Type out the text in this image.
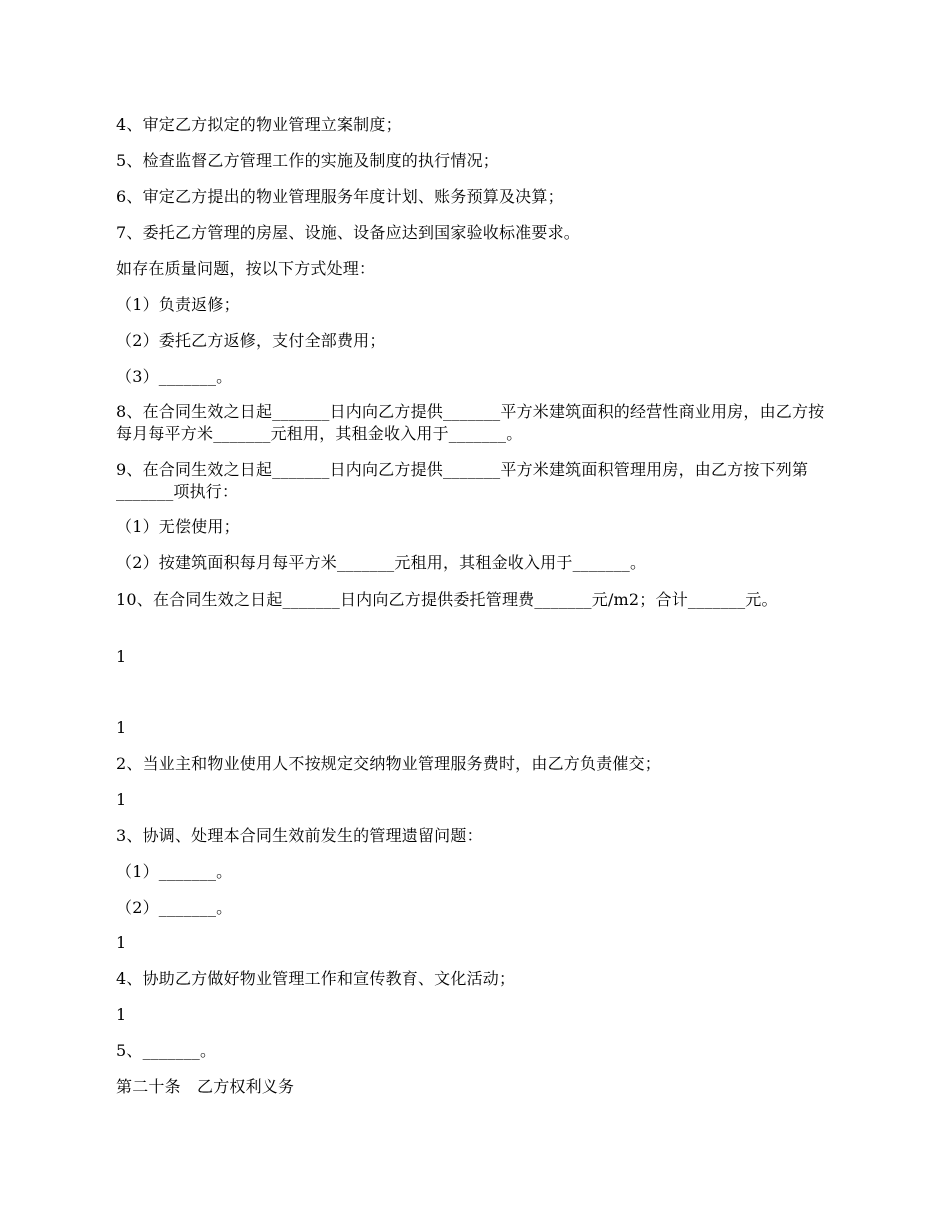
4、审定乙方拟定的物业管理立案制度；
5、检查监督乙方管理工作的实施及制度的执行情况；
6、审定乙方提出的物业管理服务年度计划、账务预算及决算；
7、委托乙方管理的房屋、设施、设备应达到国家验收标准要求。
如存在质量问题，按以下方式处理：
（1）负责返修；
（2）委托乙方返修，支付全部费用；
（3）_______。
8、在合同生效之日起_______日内向乙方提供_______平方米建筑面积的经营性商业用房，由乙方按每月每平方米_______元租用，其租金收入用于_______。
9、在合同生效之日起_______日内向乙方提供_______平方米建筑面积管理用房，由乙方按下列第_______项执行：
（1）无偿使用；
（2）按建筑面积每月每平方米_______元租用，其租金收入用于_______。
10、在合同生效之日起_______日内向乙方提供委托管理费_______元/m2；合计_______元。
1
1
2、当业主和物业使用人不按规定交纳物业管理服务费时，由乙方负责催交；
1
3、协调、处理本合同生效前发生的管理遗留问题：
（1）_______。
（2）_______。
1
4、协助乙方做好物业管理工作和宣传教育、文化活动；
1
5、_______。
第二十条　乙方权利义务
